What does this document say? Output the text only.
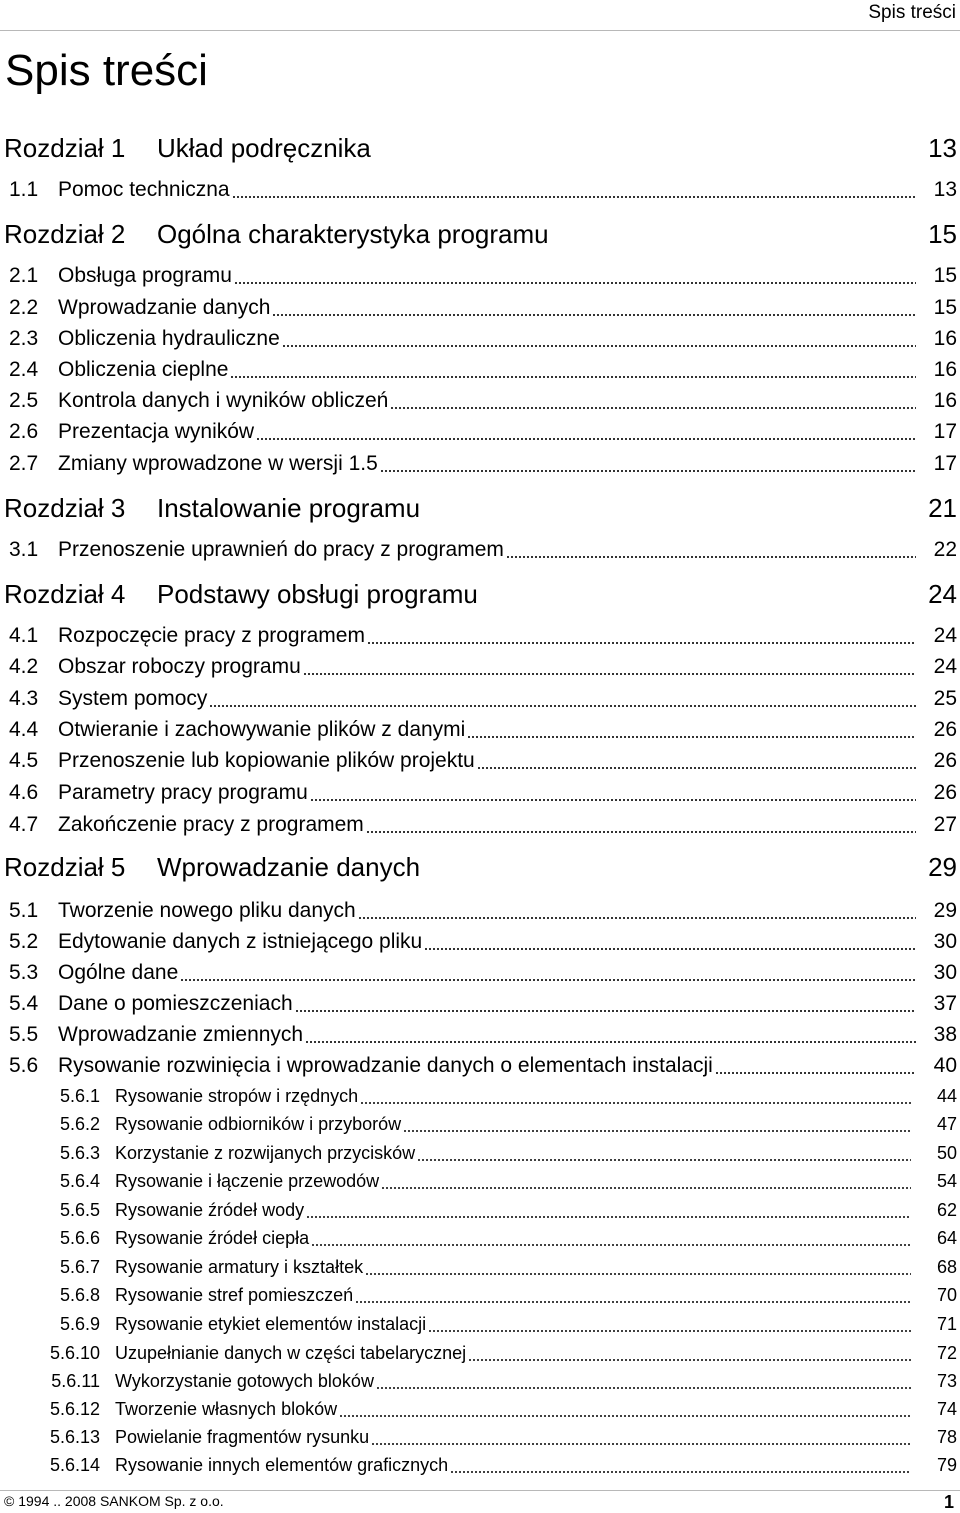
Spis treści
Spis treści
Rozdział 1 Układ podręcznika	13
1.1 Pomoc techniczna	13
Rozdział 2 Ogólna charakterystyka programu	15
2.1 Obsługa programu	15
2.2 Wprowadzanie danych	15
2.3 Obliczenia hydrauliczne	16
2.4 Obliczenia cieplne	16
2.5 Kontrola danych i wyników obliczeń	16
2.6 Prezentacja wyników	17
2.7 Zmiany wprowadzone w wersji 1.5	17
Rozdział 3 Instalowanie programu	21
3.1 Przenoszenie uprawnień do pracy z programem	22
Rozdział 4 Podstawy obsługi programu	24
4.1 Rozpoczęcie pracy z programem	24
4.2 Obszar roboczy programu	24
4.3 System pomocy	25
4.4 Otwieranie i zachowywanie plików z danymi	26
4.5 Przenoszenie lub kopiowanie plików projektu	26
4.6 Parametry pracy programu	26
4.7 Zakończenie pracy z programem	27
Rozdział 5 Wprowadzanie danych	29
5.1 Tworzenie nowego pliku danych	29
5.2 Edytowanie danych z istniejącego pliku	30
5.3 Ogólne dane	30
5.4 Dane o pomieszczeniach	37
5.5 Wprowadzanie zmiennych	38
5.6 Rysowanie rozwinięcia i wprowadzanie danych o elementach instalacji	40
5.6.1 Rysowanie stropów i rzędnych	44
5.6.2 Rysowanie odbiorników i przyborów	47
5.6.3 Korzystanie z rozwijanych przycisków	50
5.6.4 Rysowanie i łączenie przewodów	54
5.6.5 Rysowanie źródeł wody	62
5.6.6 Rysowanie źródeł ciepła	64
5.6.7 Rysowanie armatury i kształtek	68
5.6.8 Rysowanie stref pomieszczeń	70
5.6.9 Rysowanie etykiet elementów instalacji	71
5.6.10 Uzupełnianie danych w części tabelarycznej	72
5.6.11 Wykorzystanie gotowych bloków	73
5.6.12 Tworzenie własnych bloków	74
5.6.13 Powielanie fragmentów rysunku	78
5.6.14 Rysowanie innych elementów graficznych	79
© 1994 .. 2008 SANKOM Sp. z o.o.	1
